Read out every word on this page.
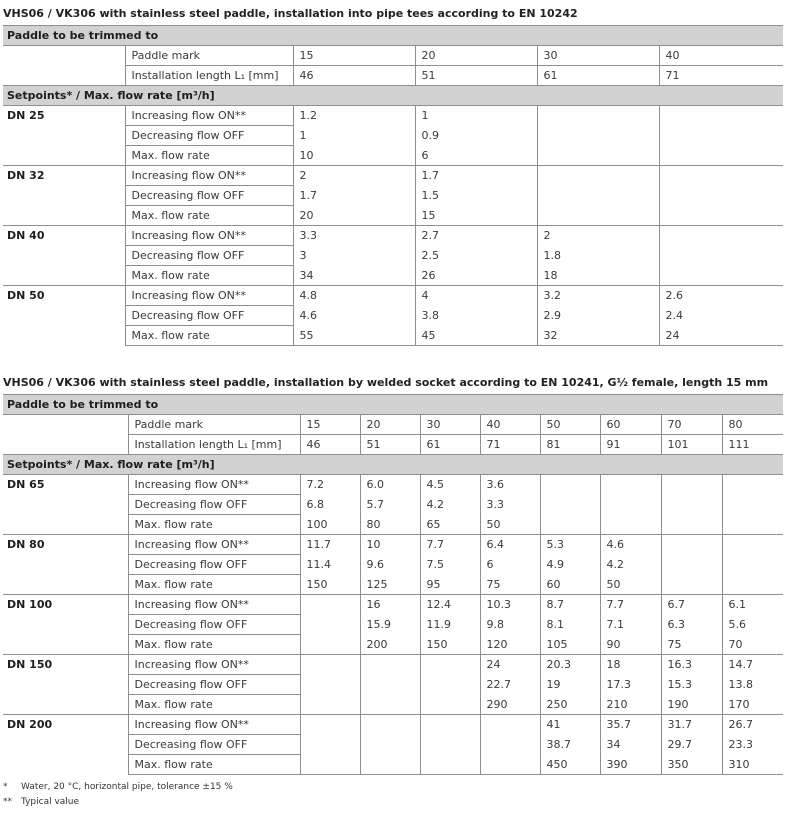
VHS06 / VK306 with stainless steel paddle, installation into pipe tees according to EN 10242
Paddle to be trimmed to					
	Paddle mark	15	20	30	40
	Installation length L₁ [mm]	46	51	61	71
Setpoints* / Max. flow rate [m³/h]					
DN 25	Increasing flow ON**	1.2	1		
	Decreasing flow OFF	1	0.9		
	Max. flow rate	10	6		
DN 32	Increasing flow ON**	2	1.7		
	Decreasing flow OFF	1.7	1.5		
	Max. flow rate	20	15		
DN 40	Increasing flow ON**	3.3	2.7	2	
	Decreasing flow OFF	3	2.5	1.8	
	Max. flow rate	34	26	18	
DN 50	Increasing flow ON**	4.8	4	3.2	2.6
	Decreasing flow OFF	4.6	3.8	2.9	2.4
	Max. flow rate	55	45	32	24
VHS06 / VK306 with stainless steel paddle, installation by welded socket according to EN 10241, G½ female, length 15 mm
Paddle to be trimmed to									
	Paddle mark	15	20	30	40	50	60	70	80
	Installation length L₁ [mm]	46	51	61	71	81	91	101	111
Setpoints* / Max. flow rate [m³/h]									
DN 65	Increasing flow ON**	7.2	6.0	4.5	3.6				
	Decreasing flow OFF	6.8	5.7	4.2	3.3				
	Max. flow rate	100	80	65	50				
DN 80	Increasing flow ON**	11.7	10	7.7	6.4	5.3	4.6		
	Decreasing flow OFF	11.4	9.6	7.5	6	4.9	4.2		
	Max. flow rate	150	125	95	75	60	50		
DN 100	Increasing flow ON**		16	12.4	10.3	8.7	7.7	6.7	6.1
	Decreasing flow OFF		15.9	11.9	9.8	8.1	7.1	6.3	5.6
	Max. flow rate		200	150	120	105	90	75	70
DN 150	Increasing flow ON**				24	20.3	18	16.3	14.7
	Decreasing flow OFF				22.7	19	17.3	15.3	13.8
	Max. flow rate				290	250	210	190	170
DN 200	Increasing flow ON**					41	35.7	31.7	26.7
	Decreasing flow OFF					38.7	34	29.7	23.3
	Max. flow rate					450	390	350	310
* Water, 20 °C, horizontal pipe, tolerance ±15 %
** Typical value
